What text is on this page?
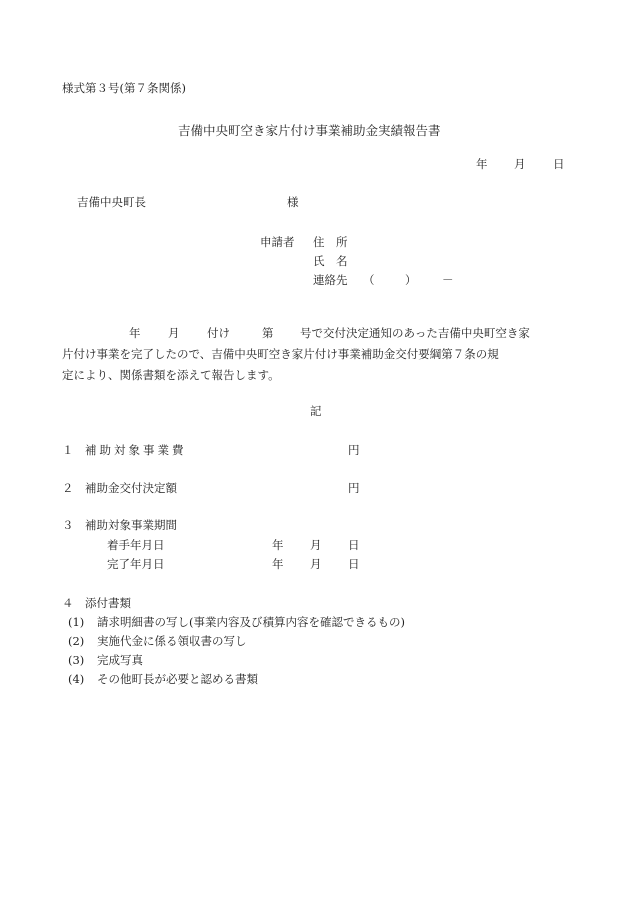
様式第３号(第７条関係)
吉備中央町空き家片付け事業補助金実績報告書
年 月 日
吉備中央町長	様
申請者 住　所
氏　名
連絡先 （	） －
年 月 付け	第 号で交付決定通知のあった吉備中央町空き家
片付け事業を完了したので、吉備中央町空き家片付け事業補助金交付要綱第７条の規
定により、関係書類を添えて報告します。
記
１ 補助対象事業費	円
２ 補助金交付決定額	円
３ 補助対象事業期間
着手年月日	年 月 日
完了年月日	年 月 日
４ 添付書類
(1) 請求明細書の写し(事業内容及び積算内容を確認できるもの)
(2) 実施代金に係る領収書の写し
(3) 完成写真
(4) その他町長が必要と認める書類
